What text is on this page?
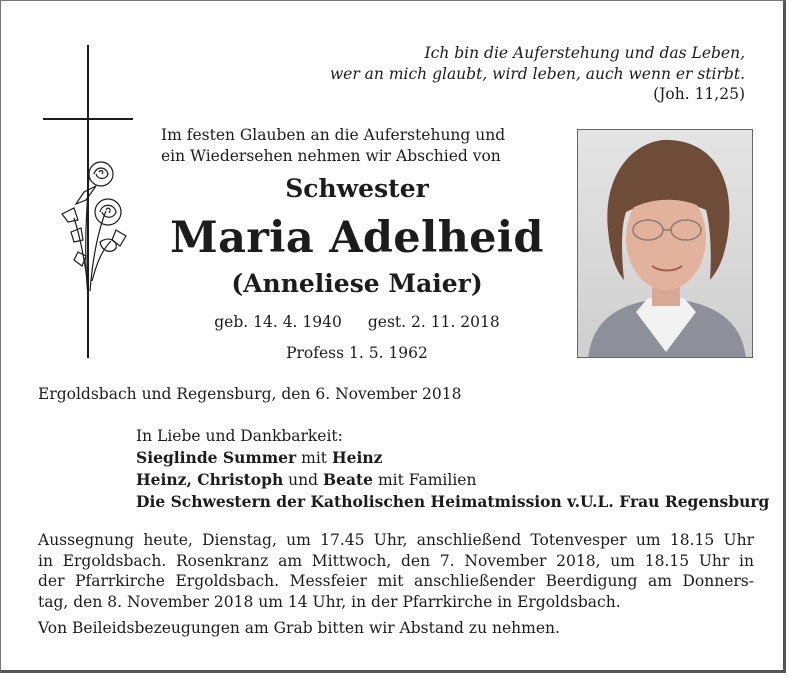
Ich bin die Auferstehung und das Leben,
wer an mich glaubt, wird leben, auch wenn er stirbt.
(Joh. 11,25)
Im festen Glauben an die Auferstehung und
ein Wiedersehen nehmen wir Abschied von
Schwester
Maria Adelheid
(Anneliese Maier)
geb. 14. 4. 1940 gest. 2. 11. 2018
Profess 1. 5. 1962
Ergoldsbach und Regensburg, den 6. November 2018
In Liebe und Dankbarkeit:
Sieglinde Summer mit Heinz
Heinz, Christoph und Beate mit Familien
Die Schwestern der Katholischen Heimatmission v.U.L. Frau Regensburg
Aussegnung heute, Dienstag, um 17.45 Uhr, anschließend Totenvesper um 18.15 Uhr
in Ergoldsbach. Rosenkranz am Mittwoch, den 7. November 2018, um 18.15 Uhr in
der Pfarrkirche Ergoldsbach. Messfeier mit anschließender Beerdigung am Donners-
tag, den 8. November 2018 um 14 Uhr, in der Pfarrkirche in Ergoldsbach.
Von Beileidsbezeugungen am Grab bitten wir Abstand zu nehmen.
